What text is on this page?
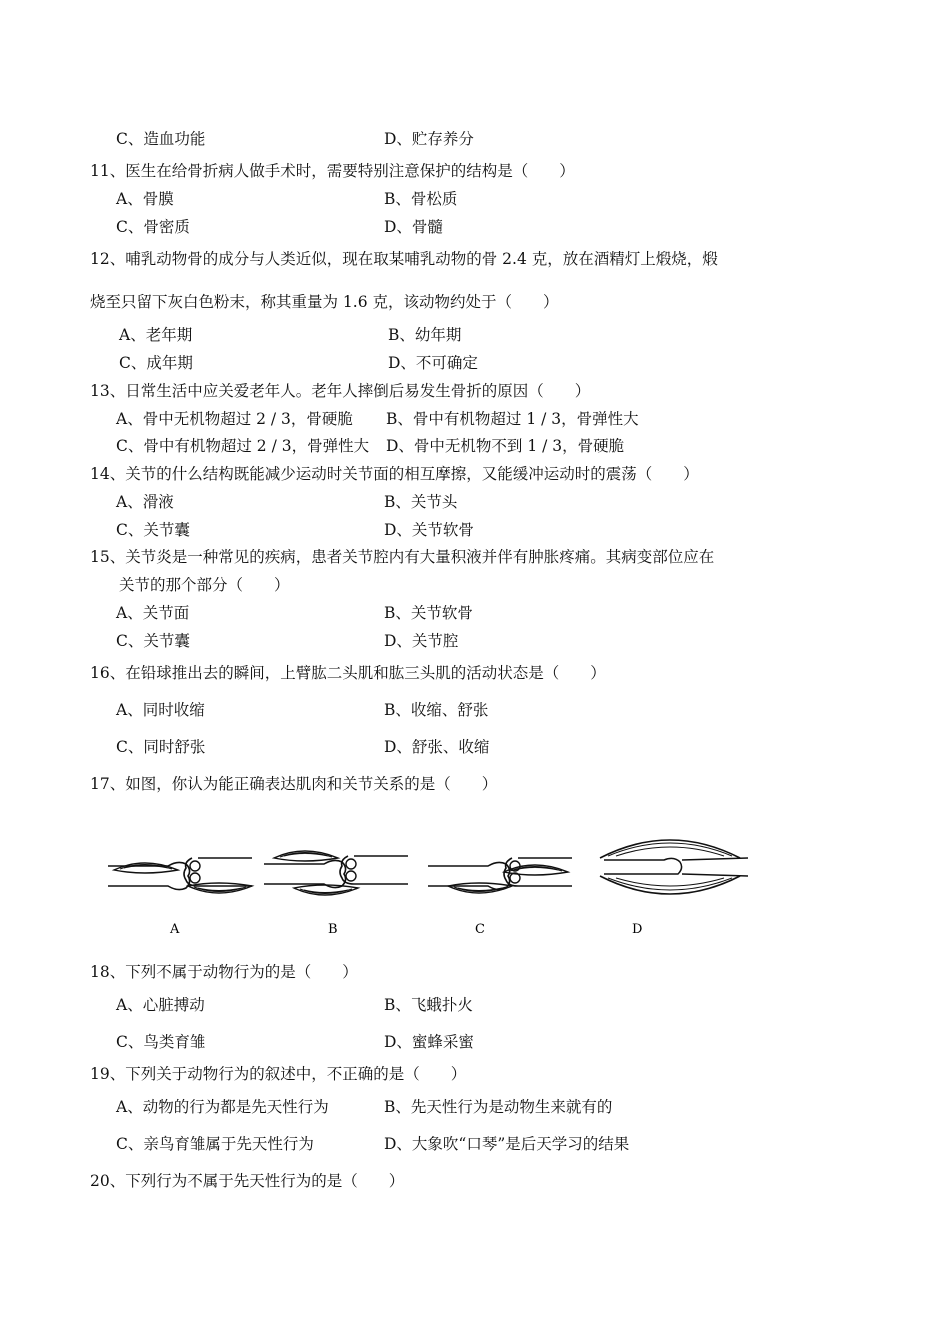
C、造血功能	D、贮存养分
11、医生在给骨折病人做手术时，需要特别注意保护的结构是（　　）
A、骨膜	B、骨松质
C、骨密质	D、骨髓
12、哺乳动物骨的成分与人类近似，现在取某哺乳动物的骨 2.4 克，放在酒精灯上煅烧，煅
烧至只留下灰白色粉末，称其重量为 1.6 克，该动物约处于（　　）
A、老年期	B、幼年期
C、成年期	D、不可确定
13、日常生活中应关爱老年人。老年人摔倒后易发生骨折的原因（　　）
A、骨中无机物超过 2 / 3，骨硬脆 B、骨中有机物超过 1 / 3，骨弹性大
C、骨中有机物超过 2 / 3，骨弹性大 D、骨中无机物不到 1 / 3，骨硬脆
14、关节的什么结构既能减少运动时关节面的相互摩擦，又能缓冲运动时的震荡（　　）
A、滑液	B、关节头
C、关节囊	D、关节软骨
15、关节炎是一种常见的疾病，患者关节腔内有大量积液并伴有肿胀疼痛。其病变部位应在
关节的那个部分（　　）
A、关节面	B、关节软骨
C、关节囊	D、关节腔
16、在铅球推出去的瞬间，上臂肱二头肌和肱三头肌的活动状态是（　　）
A、同时收缩	B、收缩、舒张
C、同时舒张	D、舒张、收缩
17、如图，你认为能正确表达肌肉和关节关系的是（　　）
A	B	C	D
18、下列不属于动物行为的是（　　）
A、心脏搏动	B、飞蛾扑火
C、鸟类育雏	D、蜜蜂采蜜
19、下列关于动物行为的叙述中，不正确的是（　　）
A、动物的行为都是先天性行为	B、先天性行为是动物生来就有的
C、亲鸟育雏属于先天性行为	D、大象吹“口琴”是后天学习的结果
20、下列行为不属于先天性行为的是（　　）
